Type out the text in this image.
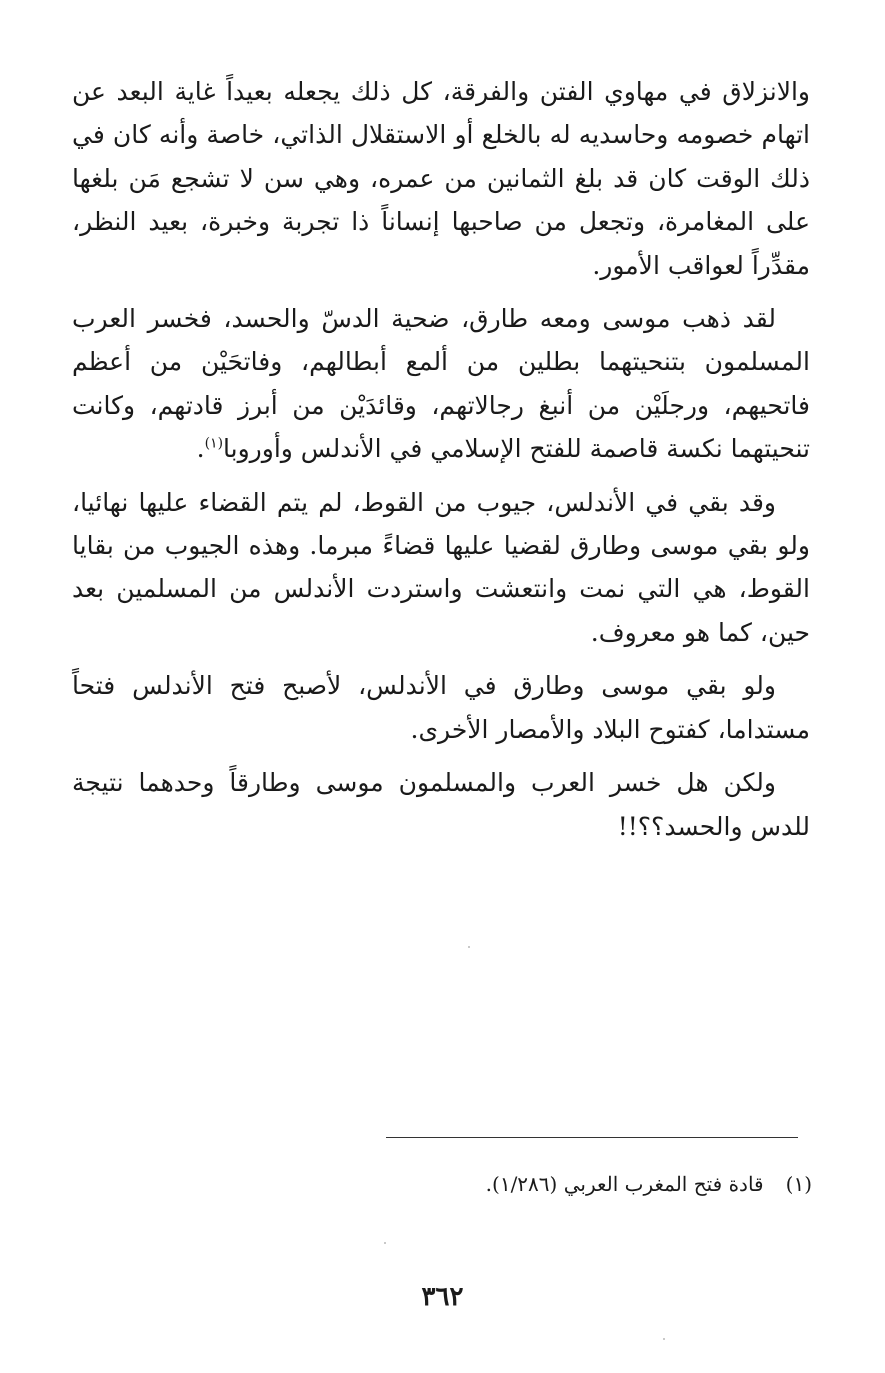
والانزلاق في مهاوي الفتن والفرقة، كل ذلك يجعله بعيداً غاية البعد عن اتهام خصومه وحاسديه له بالخلع أو الاستقلال الذاتي، خاصة وأنه كان في ذلك الوقت كان قد بلغ الثمانين من عمره، وهي سن لا تشجع مَن بلغها على المغامرة، وتجعل من صاحبها إنساناً ذا تجربة وخبرة، بعيد النظر، مقدِّراً لعواقب الأمور.

لقد ذهب موسى ومعه طارق، ضحية الدسّ والحسد، فخسر العرب المسلمون بتنحيتهما بطلين من ألمع أبطالهم، وفاتحَيْن من أعظم فاتحيهم، ورجلَيْن من أنبغ رجالاتهم، وقائدَيْن من أبرز قادتهم، وكانت تنحيتهما نكسة قاصمة للفتح الإسلامي في الأندلس وأوروبا$^{(١)}$.

وقد بقي في الأندلس، جيوب من القوط، لم يتم القضاء عليها نهائيا، ولو بقي موسى وطارق لقضيا عليها قضاءً مبرما. وهذه الجيوب من بقايا القوط، هي التي نمت وانتعشت واستردت الأندلس من المسلمين بعد حين، كما هو معروف.

ولو بقي موسى وطارق في الأندلس، لأصبح فتح الأندلس فتحاً مستداما، كفتوح البلاد والأمصار الأخرى.

ولكن هل خسر العرب والمسلمون موسى وطارقاً وحدهما نتيجة للدس والحسد؟؟!!

(١)قادة فتح المغرب العربي (١/٢٨٦).
٣٦٢
